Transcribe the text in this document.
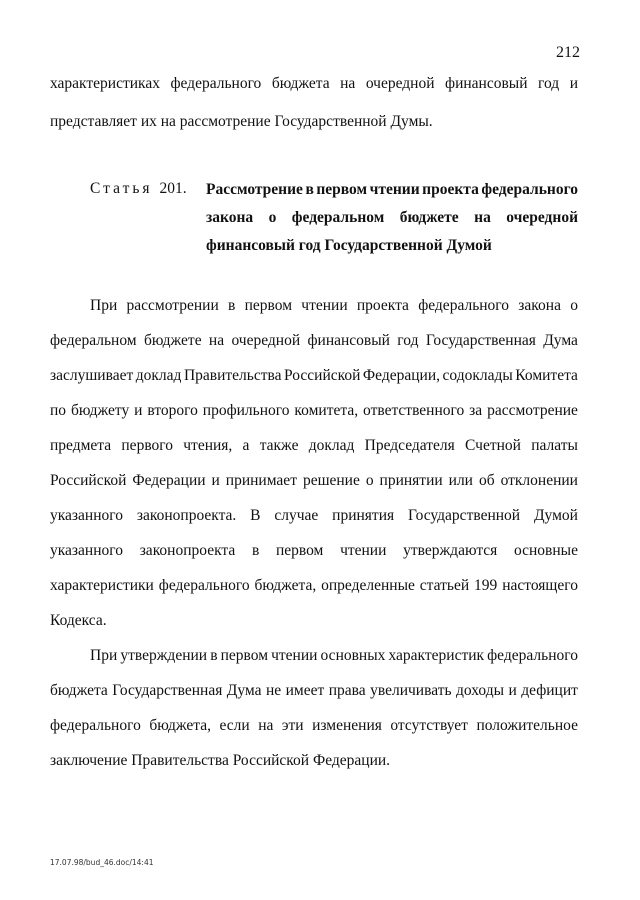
212
характеристиках федерального бюджета на очередной финансовый год и
представляет их на рассмотрение Государственной Думы.
Статья 201. Рассмотрение в первом чтении проекта федерального
закона о федеральном бюджете на очередной
финансовый год Государственной Думой
При рассмотрении в первом чтении проекта федерального закона о
федеральном бюджете на очередной финансовый год Государственная Дума
заслушивает доклад Правительства Российской Федерации, содоклады Комитета
по бюджету и второго профильного комитета, ответственного за рассмотрение
предмета первого чтения, а также доклад Председателя Счетной палаты
Российской Федерации и принимает решение о принятии или об отклонении
указанного законопроекта. В случае принятия Государственной Думой
указанного законопроекта в первом чтении утверждаются основные
характеристики федерального бюджета, определенные статьей 199 настоящего
Кодекса.
При утверждении в первом чтении основных характеристик федерального
бюджета Государственная Дума не имеет права увеличивать доходы и дефицит
федерального бюджета, если на эти изменения отсутствует положительное
заключение Правительства Российской Федерации.
17.07.98/bud_46.doc/14:41
